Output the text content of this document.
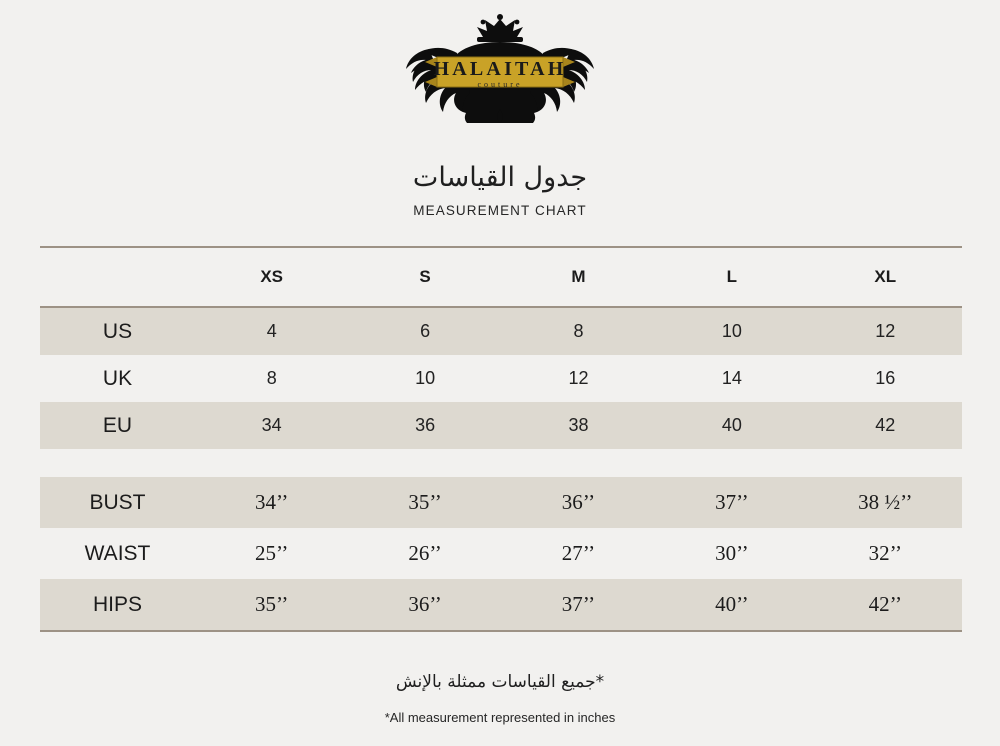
HALAITAH
couture
جدول القياسات
MEASUREMENT CHART
	XS	S	M	L	XL
US	4	6	8	10	12
UK	8	10	12	14	16
EU	34	36	38	40	42

BUST	34’’	35’’	36’’	37’’	38 ½’’
WAIST	25’’	26’’	27’’	30’’	32’’
HIPS	35’’	36’’	37’’	40’’	42’’
*جميع القياسات ممثلة بالإنش
*All measurement represented in inches
